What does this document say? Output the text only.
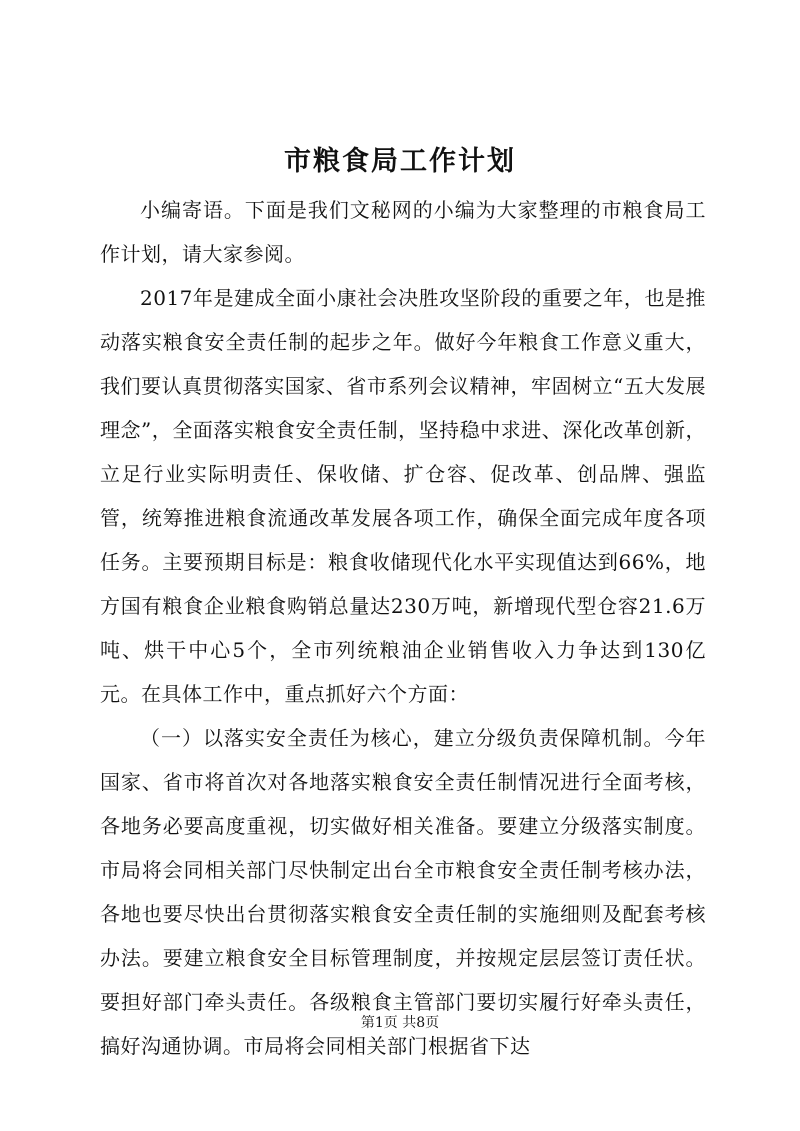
市粮食局工作计划

小编寄语。下面是我们文秘网的小编为大家整理的市粮食局工作计划，请大家参阅。

2017年是建成全面小康社会决胜攻坚阶段的重要之年，也是推动落实粮食安全责任制的起步之年。做好今年粮食工作意义重大，我们要认真贯彻落实国家、省市系列会议精神，牢固树立“五大发展理念”，全面落实粮食安全责任制，坚持稳中求进、深化改革创新，立足行业实际明责任、保收储、扩仓容、促改革、创品牌、强监管，统筹推进粮食流通改革发展各项工作，确保全面完成年度各项任务。主要预期目标是：粮食收储现代化水平实现值达到66%，地方国有粮食企业粮食购销总量达230万吨，新增现代型仓容21.6万吨、烘干中心5个，全市列统粮油企业销售收入力争达到130亿元。在具体工作中，重点抓好六个方面：

（一）以落实安全责任为核心，建立分级负责保障机制。今年国家、省市将首次对各地落实粮食安全责任制情况进行全面考核，各地务必要高度重视，切实做好相关准备。要建立分级落实制度。市局将会同相关部门尽快制定出台全市粮食安全责任制考核办法，各地也要尽快出台贯彻落实粮食安全责任制的实施细则及配套考核办法。要建立粮食安全目标管理制度，并按规定层层签订责任状。要担好部门牵头责任。各级粮食主管部门要切实履行好牵头责任，搞好沟通协调。市局将会同相关部门根据省下达

第1页 共8页
